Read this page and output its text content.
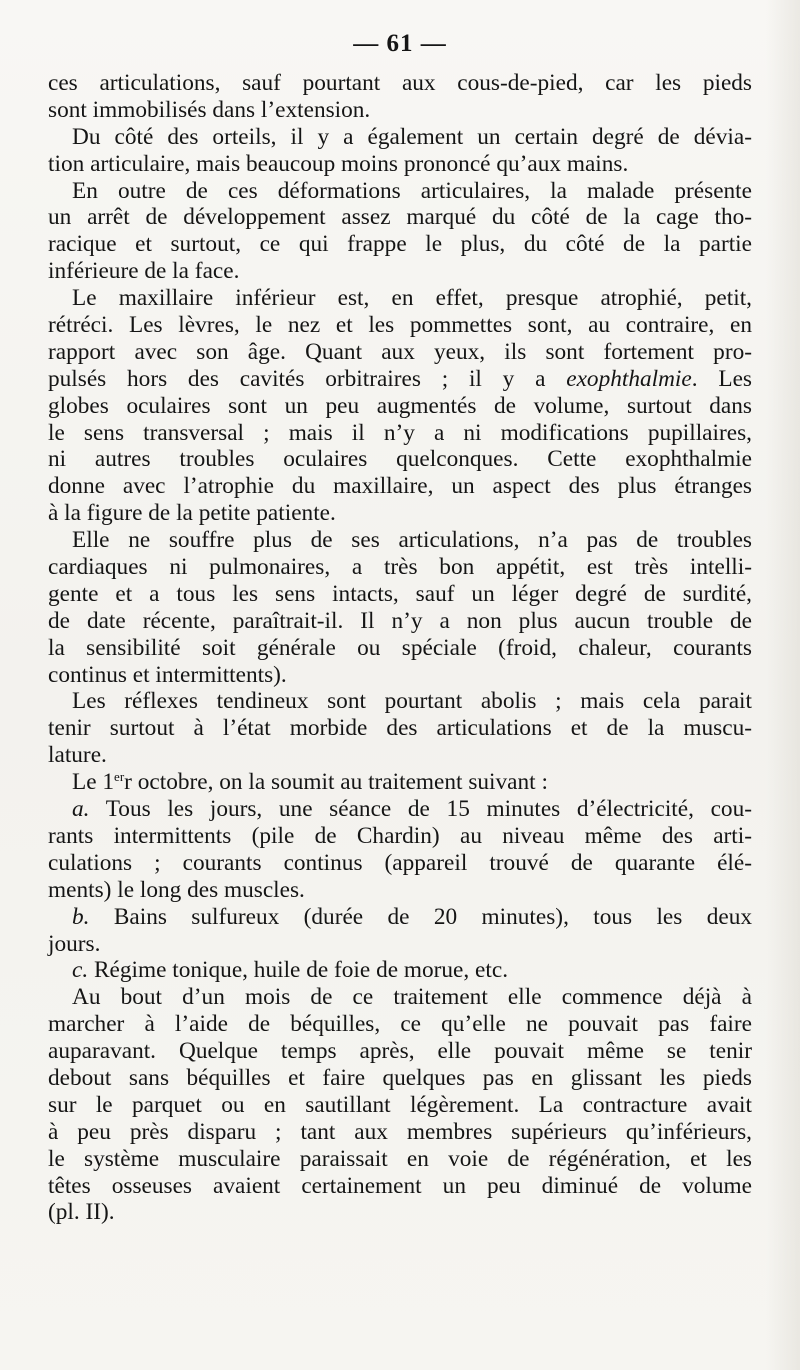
— 61 —
ces articulations, sauf pourtant aux cous-de-pied, car les pieds
sont immobilisés dans l’extension.
Du côté des orteils, il y a également un certain degré de dévia-
tion articulaire, mais beaucoup moins prononcé qu’aux mains.
En outre de ces déformations articulaires, la malade présente
un arrêt de développement assez marqué du côté de la cage tho-
racique et surtout, ce qui frappe le plus, du côté de la partie
inférieure de la face.
Le maxillaire inférieur est, en effet, presque atrophié, petit,
rétréci. Les lèvres, le nez et les pommettes sont, au contraire, en
rapport avec son âge. Quant aux yeux, ils sont fortement pro-
pulsés hors des cavités orbitraires ; il y a exophthalmie. Les
globes oculaires sont un peu augmentés de volume, surtout dans
le sens transversal ; mais il n’y a ni modifications pupillaires,
ni autres troubles oculaires quelconques. Cette exophthalmie
donne avec l’atrophie du maxillaire, un aspect des plus étranges
à la figure de la petite patiente.
Elle ne souffre plus de ses articulations, n’a pas de troubles
cardiaques ni pulmonaires, a très bon appétit, est très intelli-
gente et a tous les sens intacts, sauf un léger degré de surdité,
de date récente, paraîtrait-il. Il n’y a non plus aucun trouble de
la sensibilité soit générale ou spéciale (froid, chaleur, courants
continus et intermittents).
Les réflexes tendineux sont pourtant abolis ; mais cela parait
tenir surtout à l’état morbide des articulations et de la muscu-
lature.
Le 1err octobre, on la soumit au traitement suivant :
a. Tous les jours, une séance de 15 minutes d’électricité, cou-
rants intermittents (pile de Chardin) au niveau même des arti-
culations ; courants continus (appareil trouvé de quarante élé-
ments) le long des muscles.
b. Bains sulfureux (durée de 20 minutes), tous les deux
jours.
c. Régime tonique, huile de foie de morue, etc.
Au bout d’un mois de ce traitement elle commence déjà à
marcher à l’aide de béquilles, ce qu’elle ne pouvait pas faire
auparavant. Quelque temps après, elle pouvait même se tenir
debout sans béquilles et faire quelques pas en glissant les pieds
sur le parquet ou en sautillant légèrement. La contracture avait
à peu près disparu ; tant aux membres supérieurs qu’inférieurs,
le système musculaire paraissait en voie de régénération, et les
têtes osseuses avaient certainement un peu diminué de volume
(pl. II).
